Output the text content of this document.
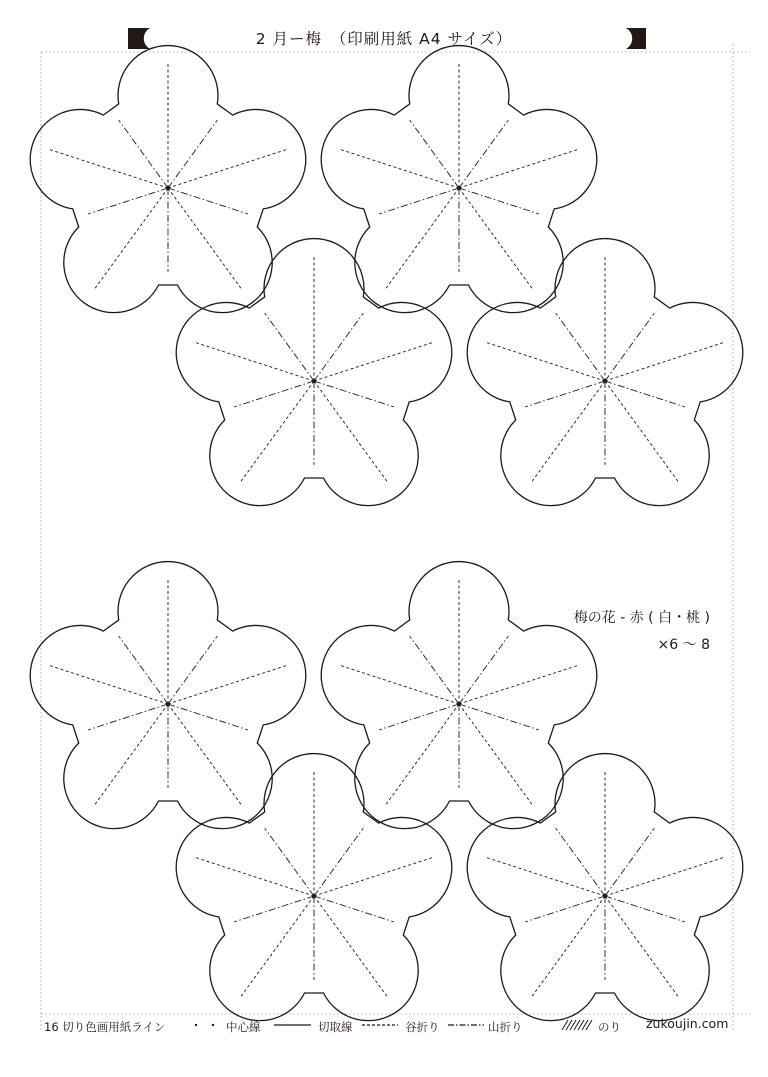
2 月ー梅　（印刷用紙 A4 サイズ）
梅の花 - 赤 ( 白・桃 )
×6 ～ 8
16 切り色画用紙ライン	中心線	切取線	谷折り	山折り	のり zukoujin.com
